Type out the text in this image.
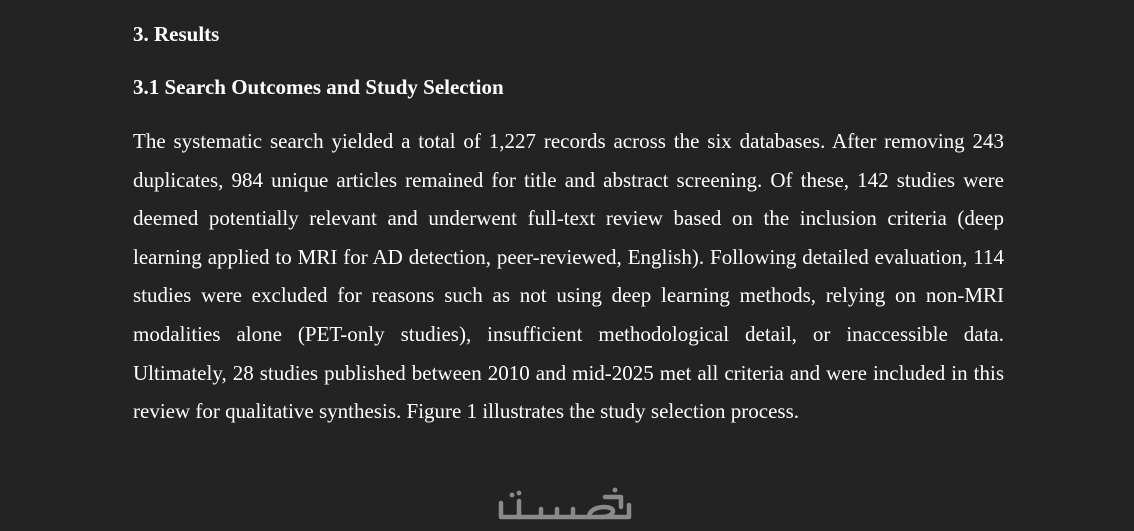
3. Results
3.1 Search Outcomes and Study Selection

The systematic search yielded a total of 1,227 records across the six databases. After removing 243 duplicates, 984 unique articles remained for title and abstract screening. Of these, 142 studies were deemed potentially relevant and underwent full-text review based on the inclusion criteria (deep learning applied to MRI for AD detection, peer-reviewed, English). Following detailed evaluation, 114 studies were excluded for reasons such as not using deep learning methods, relying on non-MRI modalities alone (PET-only studies), insufficient methodological detail, or inaccessible data. Ultimately, 28 studies published between 2010 and mid-2025 met all criteria and were included in this review for qualitative synthesis. Figure 1 illustrates the study selection process.
